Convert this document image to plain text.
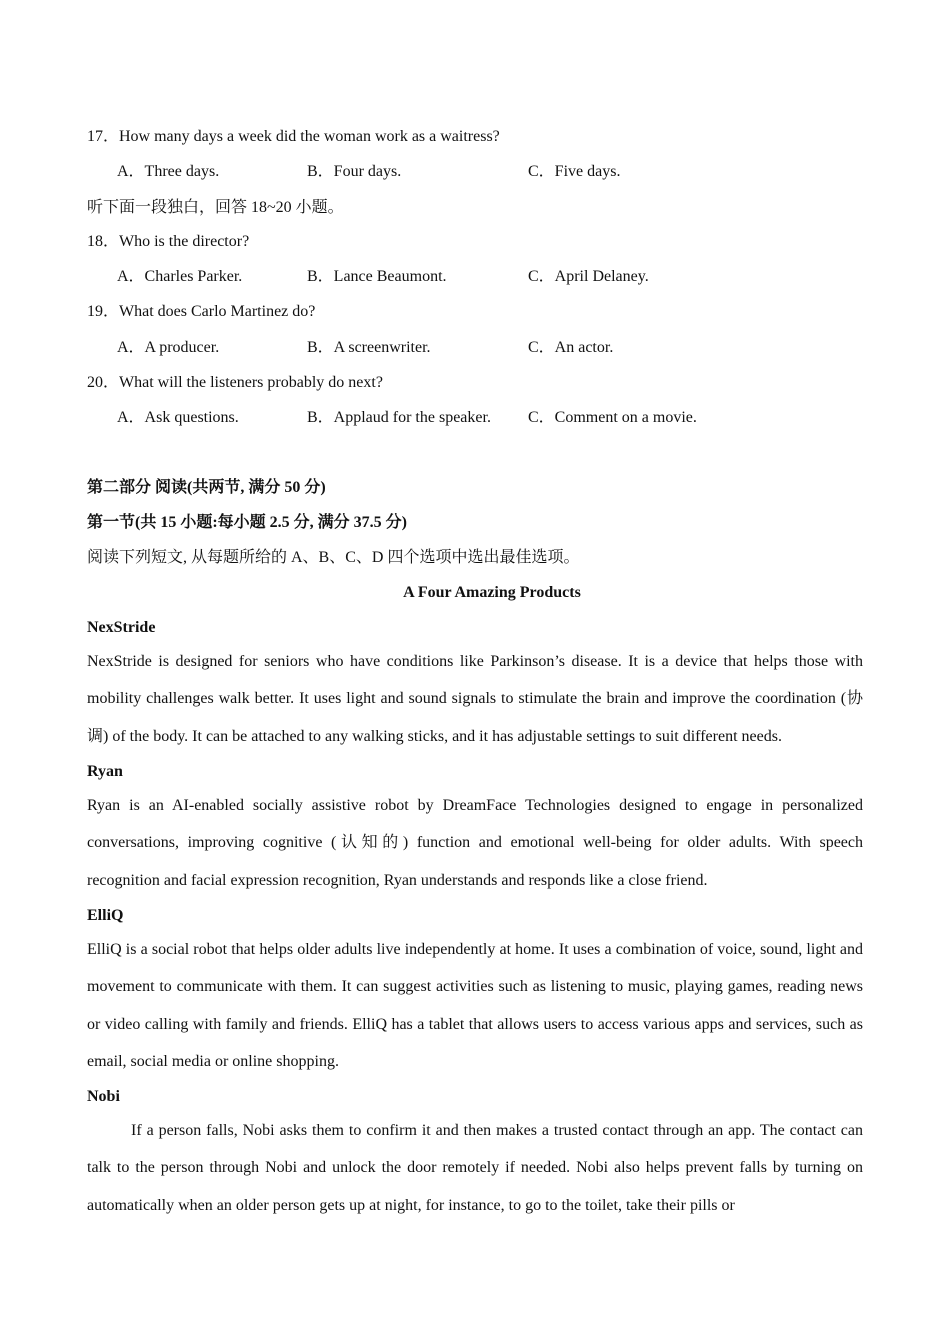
17．How many days a week did the woman work as a waitress?
A．Three days.	B．Four days.	C．Five days.
听下面一段独白，回答 18~20 小题。
18．Who is the director?
A．Charles Parker.	B．Lance Beaumont.	C．April Delaney.
19．What does Carlo Martinez do?
A．A producer.	B．A screenwriter.	C．An actor.
20．What will the listeners probably do next?
A．Ask questions.	B．Applaud for the speaker. C．Comment on a movie.
第二部分 阅读(共两节, 满分 50 分)
第一节(共 15 小题:每小题 2.5 分, 满分 37.5 分)
阅读下列短文, 从每题所给的 A、B、C、D 四个选项中选出最佳选项。
A Four Amazing Products
NexStride
NexStride is designed for seniors who have conditions like Parkinson’s disease. It is a device that helps those with mobility challenges walk better. It uses light and sound signals to stimulate the brain and improve the coordination (协调) of the body. It can be attached to any walking sticks, and it has adjustable settings to suit different needs.
Ryan
Ryan is an AI-enabled socially assistive robot by DreamFace Technologies designed to engage in personalized conversations, improving cognitive (认知的) function and emotional well-being for older adults. With speech recognition and facial expression recognition, Ryan understands and responds like a close friend.
ElliQ
ElliQ is a social robot that helps older adults live independently at home. It uses a combination of voice, sound, light and movement to communicate with them. It can suggest activities such as listening to music, playing games, reading news or video calling with family and friends. ElliQ has a tablet that allows users to access various apps and services, such as email, social media or online shopping.
Nobi
If a person falls, Nobi asks them to confirm it and then makes a trusted contact through an app. The contact can talk to the person through Nobi and unlock the door remotely if needed. Nobi also helps prevent falls by turning on automatically when an older person gets up at night, for instance, to go to the toilet, take their pills or
